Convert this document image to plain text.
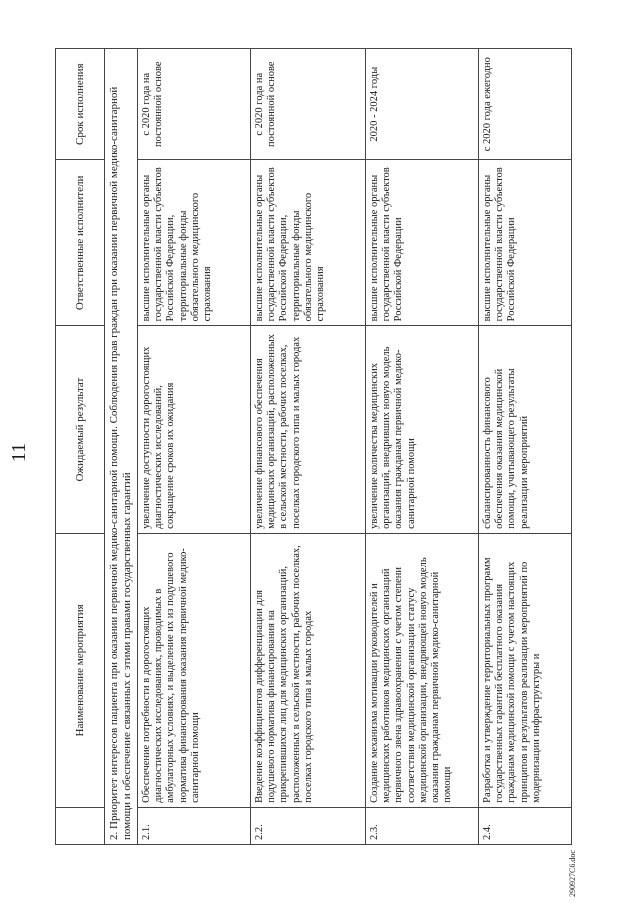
11
	Наименование мероприятия	Ожидаемый результат	Ответственные исполнители	Срок исполнения
2. Приоритет интересов пациента при оказании первичной медико-санитарной помощи. Соблюдения прав граждан при оказании первичной медико-санитарной помощи и обеспечение связанных с этими правами государственных гарантий				
2.1.	Обеспечение потребности в дорогостоящих диагностических исследованиях, проводимых в амбулаторных условиях, и выделение их из подушевого норматива финансирования оказания первичной медико-санитарной помощи	увеличение доступности дорогостоящих диагностических исследований, сокращение сроков их ожидания	высшие исполнительные органы государственной власти субъектов Российской Федерации, территориальные фонды обязательного медицинского страхования	с 2020 года на постоянной основе
2.2.	Введение коэффициентов дифференциации для подушевого норматива финансирования на прикрепившихся лиц для медицинских организаций, расположенных в сельской местности, рабочих поселках, поселках городского типа и малых городах	увеличение финансового обеспечения медицинских организаций, расположенных в сельской местности, рабочих поселках, поселках городского типа и малых городах	высшие исполнительные органы государственной власти субъектов Российской Федерации, территориальные фонды обязательного медицинского страхования	с 2020 года на постоянной основе
2.3.	Создание механизма мотивации руководителей и медицинских работников медицинских организаций первичного звена здравоохранения с учетом степени соответствия медицинской организации статусу медицинской организации, внедряющей новую модель оказания гражданам первичной медико-санитарной помощи	увеличение количества медицинских организаций, внедривших новую модель оказания гражданам первичной медико-санитарной помощи	высшие исполнительные органы государственной власти субъектов Российской Федерации	2020 - 2024 годы
2.4.	Разработка и утверждение территориальных программ государственных гарантий бесплатного оказания гражданам медицинской помощи с учетом настоящих принципов и результатов реализации мероприятий по модернизации инфраструктуры и	сбалансированность финансового обеспечения оказания медицинской помощи, учитывающего результаты реализации мероприятий	высшие исполнительные органы государственной власти субъектов Российской Федерации	с 2020 года ежегодно
290927C6.doc
